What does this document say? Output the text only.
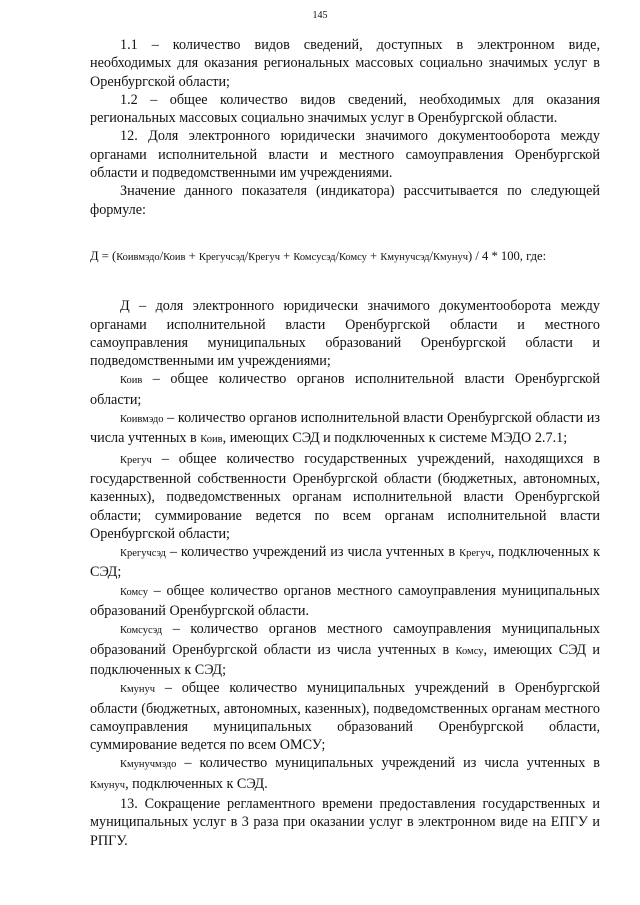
145

1.1 – количество видов сведений, доступных в электронном виде, необходимых для оказания региональных массовых социально значимых услуг в Оренбургской области;

1.2 – общее количество видов сведений, необходимых для оказания региональных массовых социально значимых услуг в Оренбургской области.

12. Доля электронного юридически значимого документооборота между органами исполнительной власти и местного самоуправления Оренбургской области и подведомственными им учреждениями.

Значение данного показателя (индикатора) рассчитывается по следующей формуле:

Д = (Коивмэдо/Коив + Крегучсэд/Крегуч + Комсусэд/Комсу + Кмунучсэд/Кмунуч) / 4 * 100, где:

Д – доля электронного юридически значимого документооборота между органами исполнительной власти Оренбургской области и местного самоуправления муниципальных образований Оренбургской области и подведомственными им учреждениями;

Коив – общее количество органов исполнительной власти Оренбургской области;

Коивмэдо – количество органов исполнительной власти Оренбургской области из числа учтенных в Коив, имеющих СЭД и подключенных к системе МЭДО 2.7.1;

Крегуч – общее количество государственных учреждений, находящихся в государственной собственности Оренбургской области (бюджетных, автономных, казенных), подведомственных органам исполнительной власти Оренбургской области; суммирование ведется по всем органам исполнительной власти Оренбургской области;

Крегучсэд – количество учреждений из числа учтенных в Крегуч, подключенных к СЭД;

Комсу – общее количество органов местного самоуправления муниципальных образований Оренбургской области.

Комсусэд – количество органов местного самоуправления муниципальных образований Оренбургской области из числа учтенных в Комсу, имеющих СЭД и подключенных к СЭД;

Кмунуч – общее количество муниципальных учреждений в Оренбургской области (бюджетных, автономных, казенных), подведомственных органам местного самоуправления муниципальных образований Оренбургской области, суммирование ведется по всем ОМСУ;

Кмунучмэдо – количество муниципальных учреждений из числа учтенных в Кмунуч, подключенных к СЭД.

13. Сокращение регламентного времени предоставления государственных и муниципальных услуг в 3 раза при оказании услуг в электронном виде на ЕПГУ и РПГУ.
